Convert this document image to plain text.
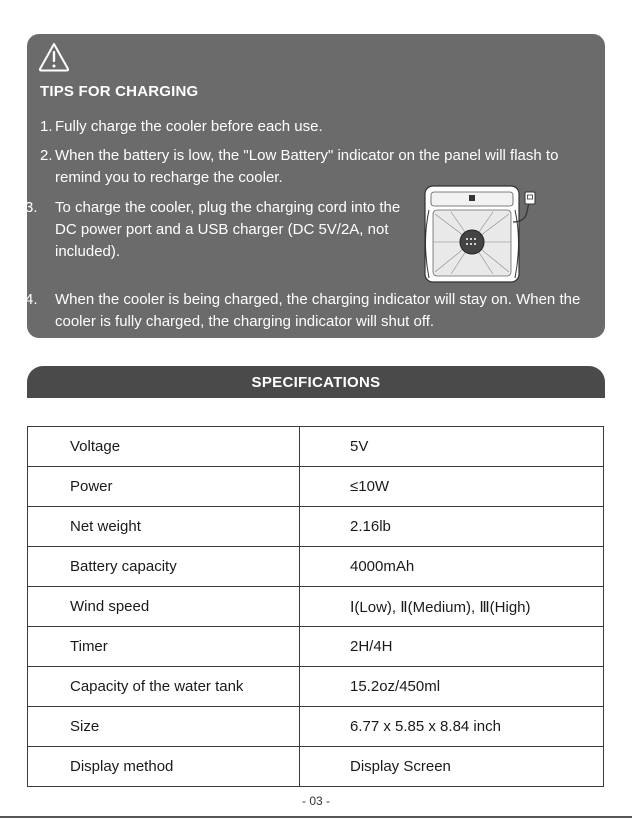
TIPS FOR CHARGING
1. Fully charge the cooler before each use.
2. When the battery is low, the "Low Battery" indicator on the panel will flash to remind you to recharge the cooler.
3. To charge the cooler, plug the charging cord into the DC power port and a USB charger (DC 5V/2A, not included).
4. When the cooler is being charged, the charging indicator will stay on. When the cooler is fully charged, the charging indicator will shut off.
SPECIFICATIONS
Voltage	5V
Power	≤10W
Net weight	2.16lb
Battery capacity	4000mAh
Wind speed	Ⅰ(Low), Ⅱ(Medium), Ⅲ(High)
Timer	2H/4H
Capacity of the water tank	15.2oz/450ml
Size	6.77 x 5.85 x 8.84 inch
Display method	Display Screen
- 03 -
